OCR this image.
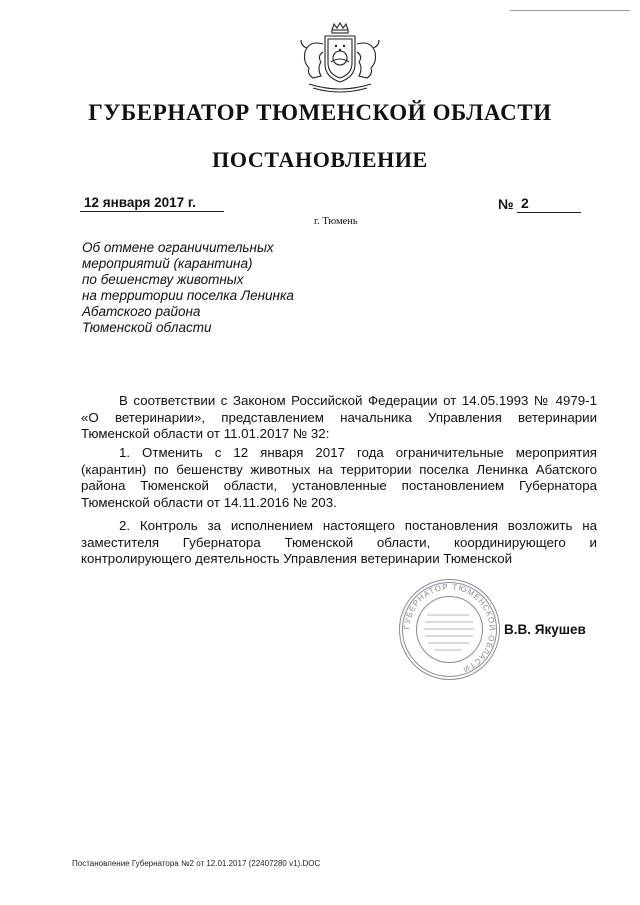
ГУБЕРНАТОР ТЮМЕНСКОЙ ОБЛАСТИ
ПОСТАНОВЛЕНИЕ
12 января 2017 г.	№ 2
г. Тюмень
Об отмене ограничительных
мероприятий (карантина)
по бешенству животных
на территории поселка Ленинка
Абатского района
Тюменской области

В соответствии с Законом Российской Федерации от 14.05.1993 № 4979-1 «О ветеринарии», представлением начальника Управления ветеринарии Тюменской области от 11.01.2017 № 32:

1. Отменить с 12 января 2017 года ограничительные мероприятия (карантин) по бешенству животных на территории поселка Ленинка Абатского района Тюменской области, установленные постановлением Губернатора Тюменской области от 14.11.2016 № 203.

2. Контроль за исполнением настоящего постановления возложить на заместителя Губернатора Тюменской области, координирующего и контролирующего деятельность Управления ветеринарии Тюменской

ГУБЕРНАТОР ТЮМЕНСКОЙ ОБЛАСТИ
В.В. Якушев
Постановление Губернатора №2 от 12.01.2017 (22407280 v1).DOC
